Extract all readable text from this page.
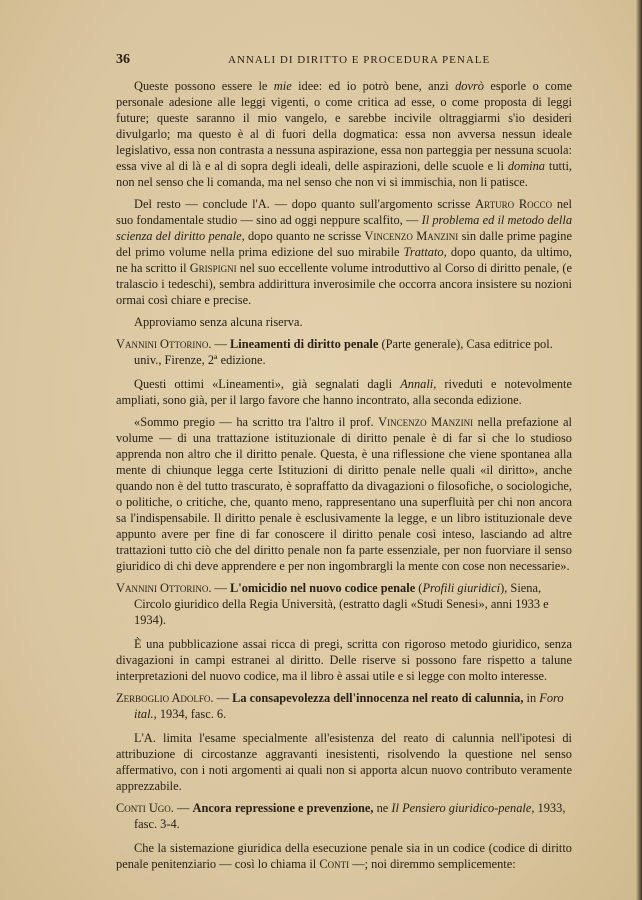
36	ANNALI DI DIRITTO E PROCEDURA PENALE

Queste possono essere le mie idee: ed io potrò bene, anzi dovrò esporle o come personale adesione alle leggi vigenti, o come critica ad esse, o come proposta di leggi future; queste saranno il mio vangelo, e sarebbe incivile oltraggiarmi s'io desideri divulgarlo; ma questo è al di fuori della dogmatica: essa non avversa nessun ideale legislativo, essa non contrasta a nessuna aspirazione, essa non parteggia per nessuna scuola: essa vive al di là e al di sopra degli ideali, delle aspirazioni, delle scuole e li domina tutti, non nel senso che li comanda, ma nel senso che non vi si immischia, non li patisce.

Del resto — conclude l'A. — dopo quanto sull'argomento scrisse Arturo Rocco nel suo fondamentale studio — sino ad oggi neppure scalfito, — Il problema ed il metodo della scienza del diritto penale, dopo quanto ne scrisse Vincenzo Manzini sin dalle prime pagine del primo volume nella prima edizione del suo mirabile Trattato, dopo quanto, da ultimo, ne ha scritto il Grispigni nel suo eccellente volume introduttivo al Corso di diritto penale, (e tralascio i tedeschi), sembra addirittura inverosimile che occorra ancora insistere su nozioni ormai così chiare e precise.

Approviamo senza alcuna riserva.

Vannini Ottorino. — Lineamenti di diritto penale (Parte generale), Casa editrice pol. univ., Firenze, 2ª edizione.

Questi ottimi «Lineamenti», già segnalati dagli Annali, riveduti e notevolmente ampliati, sono già, per il largo favore che hanno incontrato, alla seconda edizione.

«Sommo pregio — ha scritto tra l'altro il prof. Vincenzo Manzini nella prefazione al volume — di una trattazione istituzionale di diritto penale è di far sì che lo studioso apprenda non altro che il diritto penale. Questa, è una riflessione che viene spontanea alla mente di chiunque legga certe Istituzioni di diritto penale nelle quali «il diritto», anche quando non è del tutto trascurato, è sopraffatto da divagazioni o filosofiche, o sociologiche, o politiche, o critiche, che, quanto meno, rappresentano una superfluità per chi non ancora sa l'indispensabile. Il diritto penale è esclusivamente la legge, e un libro istituzionale deve appunto avere per fine di far conoscere il diritto penale così inteso, lasciando ad altre trattazioni tutto ciò che del diritto penale non fa parte essenziale, per non fuorviare il senso giuridico di chi deve apprendere e per non ingombrargli la mente con cose non necessarie».

Vannini Ottorino. — L'omicidio nel nuovo codice penale (Profili giuridici), Siena, Circolo giuridico della Regia Università, (estratto dagli «Studi Senesi», anni 1933 e 1934).

È una pubblicazione assai ricca di pregi, scritta con rigoroso metodo giuridico, senza divagazioni in campi estranei al diritto. Delle riserve si possono fare rispetto a talune interpretazioni del nuovo codice, ma il libro è assai utile e si legge con molto interesse.

Zerboglio Adolfo. — La consapevolezza dell'innocenza nel reato di calunnia, in Foro ital., 1934, fasc. 6.

L'A. limita l'esame specialmente all'esistenza del reato di calunnia nell'ipotesi di attribuzione di circostanze aggravanti inesistenti, risolvendo la questione nel senso affermativo, con i noti argomenti ai quali non si apporta alcun nuovo contributo veramente apprezzabile.

Conti Ugo. — Ancora repressione e prevenzione, ne Il Pensiero giuridico-penale, 1933, fasc. 3-4.

Che la sistemazione giuridica della esecuzione penale sia in un codice (codice di diritto penale penitenziario — così lo chiama il Conti —; noi diremmo semplicemente:
